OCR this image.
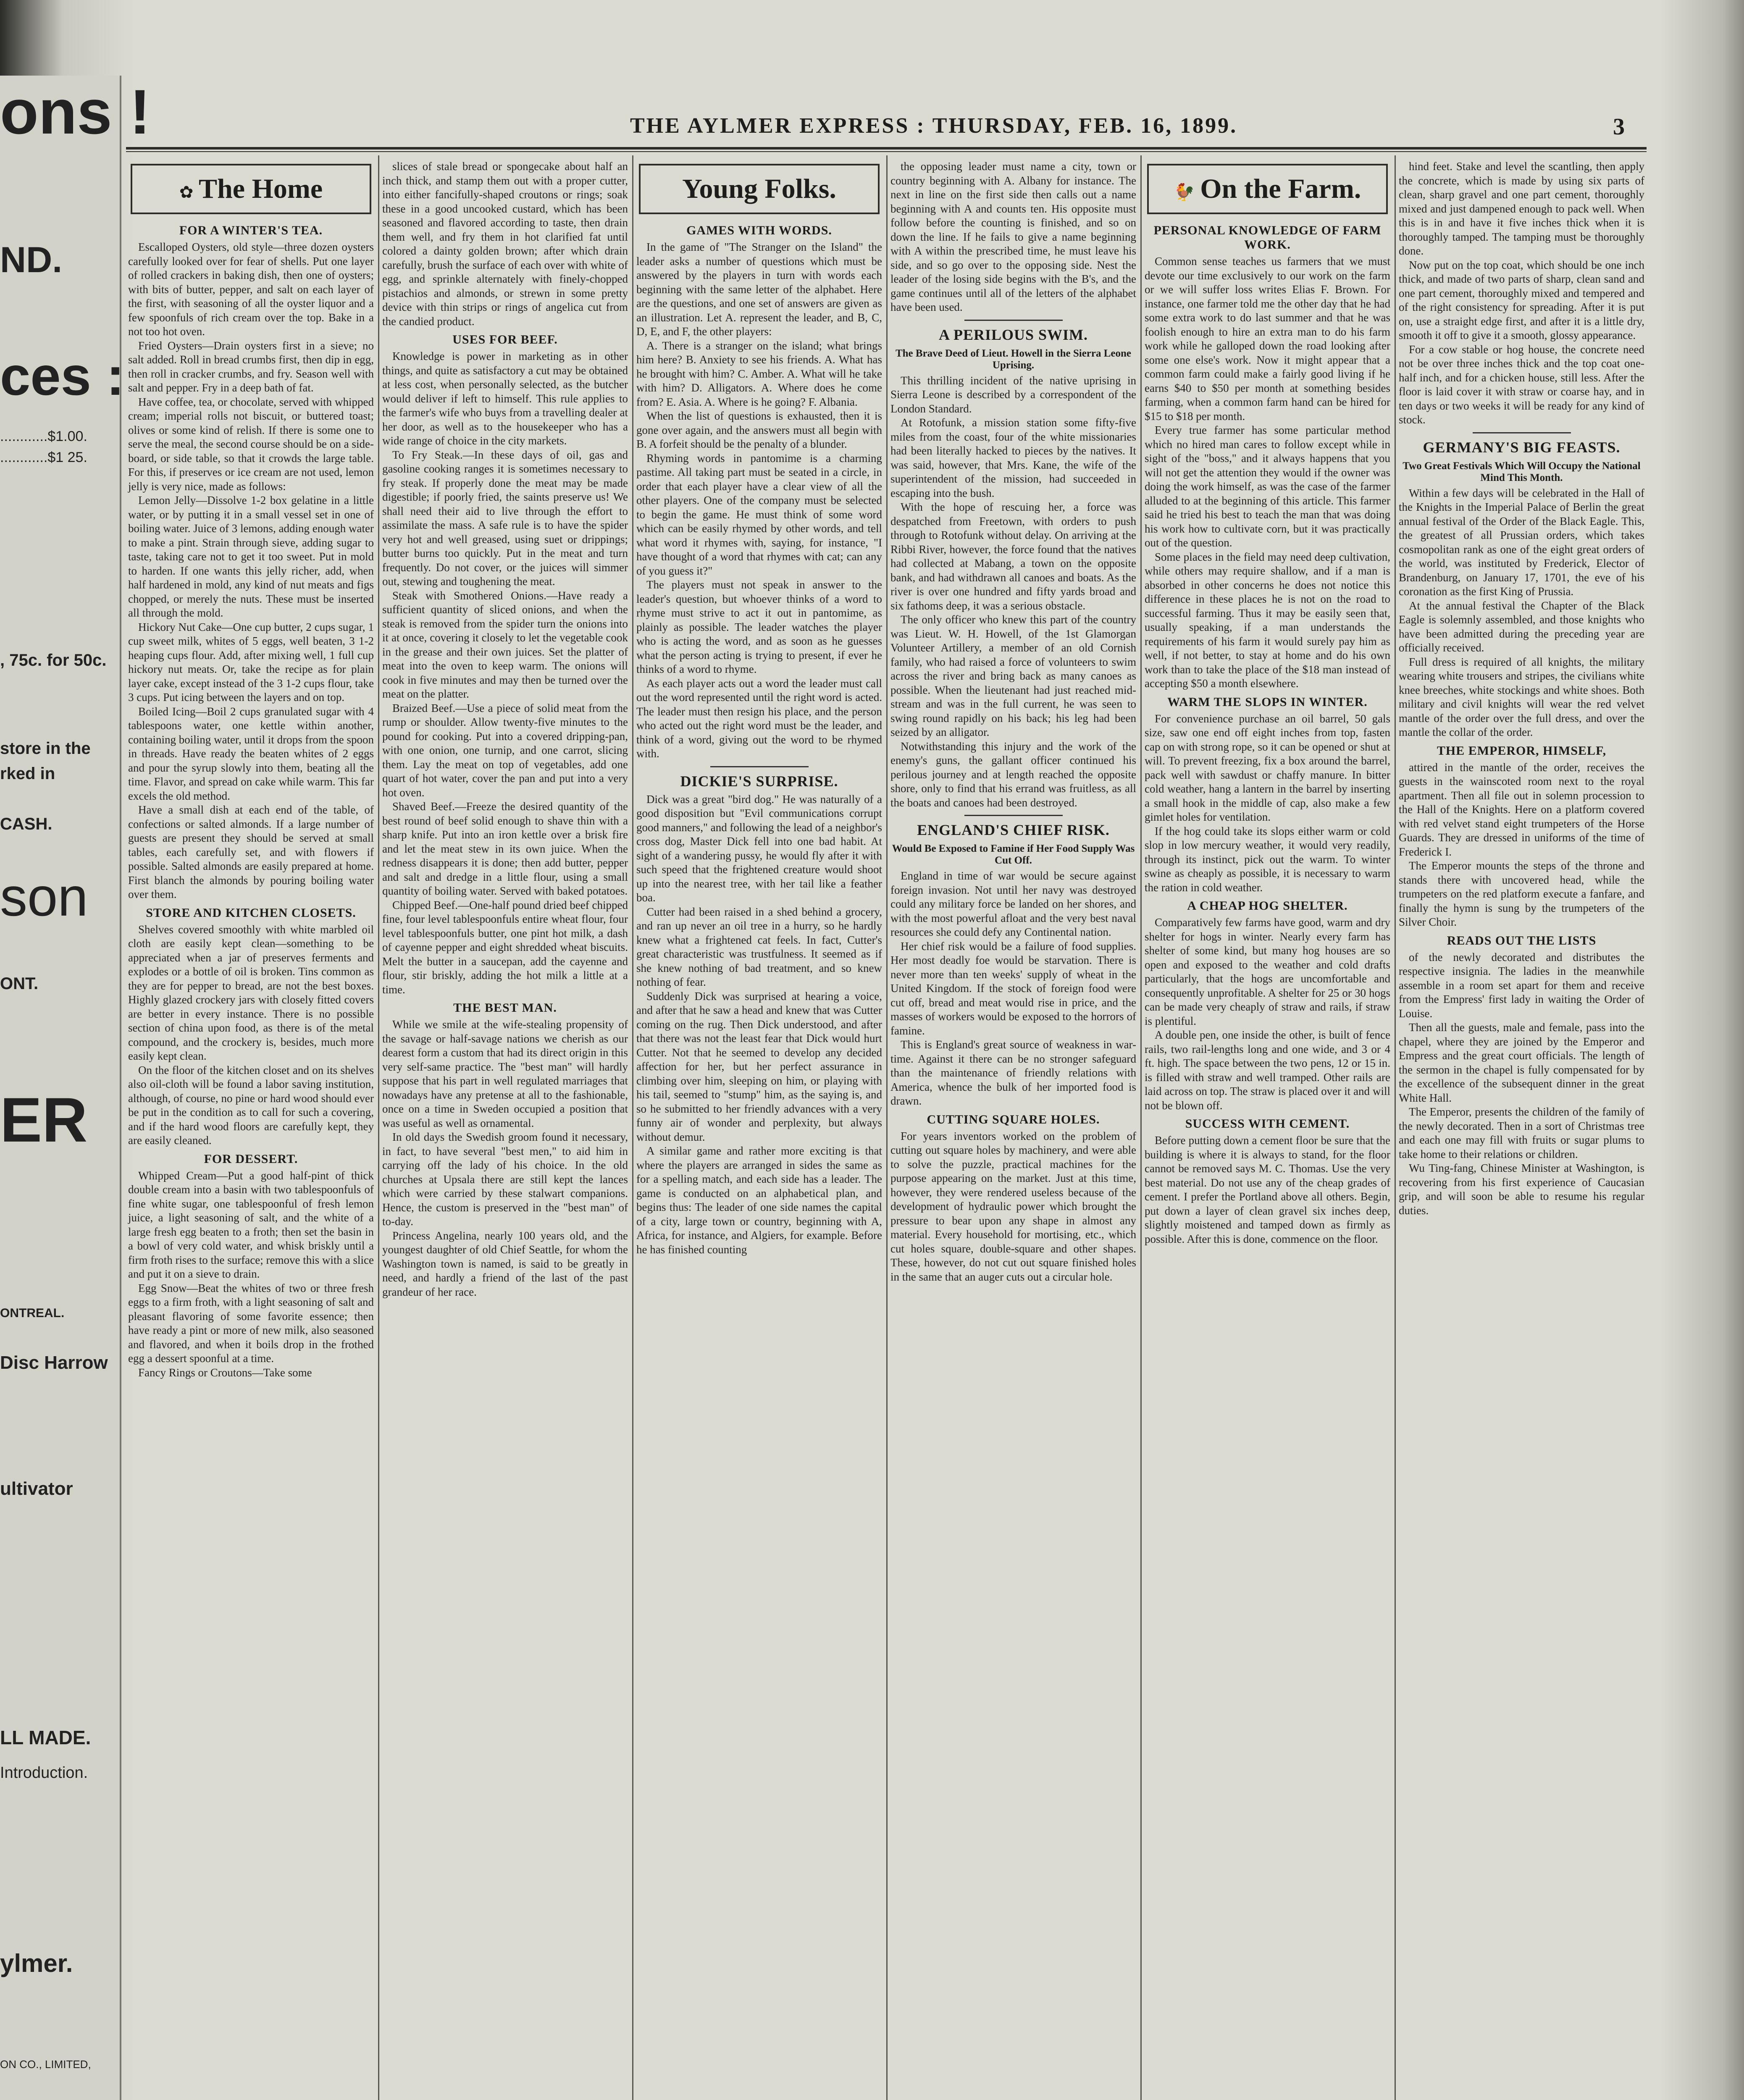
ons !
ND.
ces :
............$1.00.
............$1 25.
, 75c. for 50c.
store in the
rked in
CASH.
son
ONT.
ER
ONTREAL.
Disc Harrow
ultivator
LL MADE.
Introduction.
ylmer.
ON CO., LIMITED,
THE AYLMER EXPRESS : THURSDAY, FEB. 16, 1899.	3
✿ The Home
FOR A WINTER'S TEA.

Escalloped Oysters, old style—three dozen oysters carefully looked over for fear of shells. Put one layer of rolled crackers in baking dish, then one of oysters; with bits of butter, pepper, and salt on each layer of the first, with seasoning of all the oyster liquor and a few spoonfuls of rich cream over the top. Bake in a not too hot oven.

Fried Oysters—Drain oysters first in a sieve; no salt added. Roll in bread crumbs first, then dip in egg, then roll in cracker crumbs, and fry. Season well with salt and pepper. Fry in a deep bath of fat.

Have coffee, tea, or chocolate, served with whipped cream; imperial rolls not biscuit, or buttered toast; olives or some kind of relish. If there is some one to serve the meal, the second course should be on a side-board, or side table, so that it crowds the large table. For this, if preserves or ice cream are not used, lemon jelly is very nice, made as follows:

Lemon Jelly—Dissolve 1-2 box gelatine in a little water, or by putting it in a small vessel set in one of boiling water. Juice of 3 lemons, adding enough water to make a pint. Strain through sieve, adding sugar to taste, taking care not to get it too sweet. Put in mold to harden. If one wants this jelly richer, add, when half hardened in mold, any kind of nut meats and figs chopped, or merely the nuts. These must be inserted all through the mold.

Hickory Nut Cake—One cup butter, 2 cups sugar, 1 cup sweet milk, whites of 5 eggs, well beaten, 3 1-2 heaping cups flour. Add, after mixing well, 1 full cup hickory nut meats. Or, take the recipe as for plain layer cake, except instead of the 3 1-2 cups flour, take 3 cups. Put icing between the layers and on top.

Boiled Icing—Boil 2 cups granulated sugar with 4 tablespoons water, one kettle within another, containing boiling water, until it drops from the spoon in threads. Have ready the beaten whites of 2 eggs and pour the syrup slowly into them, beating all the time. Flavor, and spread on cake while warm. This far excels the old method.

Have a small dish at each end of the table, of confections or salted almonds. If a large number of guests are present they should be served at small tables, each carefully set, and with flowers if possible. Salted almonds are easily prepared at home. First blanch the almonds by pouring boiling water over them.

STORE AND KITCHEN CLOSETS.

Shelves covered smoothly with white marbled oil cloth are easily kept clean—something to be appreciated when a jar of preserves ferments and explodes or a bottle of oil is broken. Tins common as they are for pepper to bread, are not the best boxes. Highly glazed crockery jars with closely fitted covers are better in every instance. There is no possible section of china upon food, as there is of the metal compound, and the crockery is, besides, much more easily kept clean.

On the floor of the kitchen closet and on its shelves also oil-cloth will be found a labor saving institution, although, of course, no pine or hard wood should ever be put in the condition as to call for such a covering, and if the hard wood floors are carefully kept, they are easily cleaned.

FOR DESSERT.

Whipped Cream—Put a good half-pint of thick double cream into a basin with two tablespoonfuls of fine white sugar, one tablespoonful of fresh lemon juice, a light seasoning of salt, and the white of a large fresh egg beaten to a froth; then set the basin in a bowl of very cold water, and whisk briskly until a firm froth rises to the surface; remove this with a slice and put it on a sieve to drain.

Egg Snow—Beat the whites of two or three fresh eggs to a firm froth, with a light seasoning of salt and pleasant flavoring of some favorite essence; then have ready a pint or more of new milk, also seasoned and flavored, and when it boils drop in the frothed egg a dessert spoonful at a time.

Fancy Rings or Croutons—Take some

slices of stale bread or spongecake about half an inch thick, and stamp them out with a proper cutter, into either fancifully-shaped croutons or rings; soak these in a good uncooked custard, which has been seasoned and flavored according to taste, then drain them well, and fry them in hot clarified fat until colored a dainty golden brown; after which drain carefully, brush the surface of each over with white of egg, and sprinkle alternately with finely-chopped pistachios and almonds, or strewn in some pretty device with thin strips or rings of angelica cut from the candied product.

USES FOR BEEF.

Knowledge is power in marketing as in other things, and quite as satisfactory a cut may be obtained at less cost, when personally selected, as the butcher would deliver if left to himself. This rule applies to the farmer's wife who buys from a travelling dealer at her door, as well as to the housekeeper who has a wide range of choice in the city markets.

To Fry Steak.—In these days of oil, gas and gasoline cooking ranges it is sometimes necessary to fry steak. If properly done the meat may be made digestible; if poorly fried, the saints preserve us! We shall need their aid to live through the effort to assimilate the mass. A safe rule is to have the spider very hot and well greased, using suet or drippings; butter burns too quickly. Put in the meat and turn frequently. Do not cover, or the juices will simmer out, stewing and toughening the meat.

Steak with Smothered Onions.—Have ready a sufficient quantity of sliced onions, and when the steak is removed from the spider turn the onions into it at once, covering it closely to let the vegetable cook in the grease and their own juices. Set the platter of meat into the oven to keep warm. The onions will cook in five minutes and may then be turned over the meat on the platter.

Braized Beef.—Use a piece of solid meat from the rump or shoulder. Allow twenty-five minutes to the pound for cooking. Put into a covered dripping-pan, with one onion, one turnip, and one carrot, slicing them. Lay the meat on top of vegetables, add one quart of hot water, cover the pan and put into a very hot oven.

Shaved Beef.—Freeze the desired quantity of the best round of beef solid enough to shave thin with a sharp knife. Put into an iron kettle over a brisk fire and let the meat stew in its own juice. When the redness disappears it is done; then add butter, pepper and salt and dredge in a little flour, using a small quantity of boiling water. Served with baked potatoes.

Chipped Beef.—One-half pound dried beef chipped fine, four level tablespoonfuls entire wheat flour, four level tablespoonfuls butter, one pint hot milk, a dash of cayenne pepper and eight shredded wheat biscuits. Melt the butter in a saucepan, add the cayenne and flour, stir briskly, adding the hot milk a little at a time.

THE BEST MAN.

While we smile at the wife-stealing propensity of the savage or half-savage nations we cherish as our dearest form a custom that had its direct origin in this very self-same practice. The "best man" will hardly suppose that his part in well regulated marriages that nowadays have any pretense at all to the fashionable, once on a time in Sweden occupied a position that was useful as well as ornamental.

In old days the Swedish groom found it necessary, in fact, to have several "best men," to aid him in carrying off the lady of his choice. In the old churches at Upsala there are still kept the lances which were carried by these stalwart companions. Hence, the custom is preserved in the "best man" of to-day.

Princess Angelina, nearly 100 years old, and the youngest daughter of old Chief Seattle, for whom the Washington town is named, is said to be greatly in need, and hardly a friend of the last of the past grandeur of her race.

Young Folks.
GAMES WITH WORDS.

In the game of "The Stranger on the Island" the leader asks a number of questions which must be answered by the players in turn with words each beginning with the same letter of the alphabet. Here are the questions, and one set of answers are given as an illustration. Let A. represent the leader, and B, C, D, E, and F, the other players:

A. There is a stranger on the island; what brings him here? B. Anxiety to see his friends. A. What has he brought with him? C. Amber. A. What will he take with him? D. Alligators. A. Where does he come from? E. Asia. A. Where is he going? F. Albania.

When the list of questions is exhausted, then it is gone over again, and the answers must all begin with B. A forfeit should be the penalty of a blunder.

Rhyming words in pantomime is a charming pastime. All taking part must be seated in a circle, in order that each player have a clear view of all the other players. One of the company must be selected to begin the game. He must think of some word which can be easily rhymed by other words, and tell what word it rhymes with, saying, for instance, "I have thought of a word that rhymes with cat; can any of you guess it?"

The players must not speak in answer to the leader's question, but whoever thinks of a word to rhyme must strive to act it out in pantomime, as plainly as possible. The leader watches the player who is acting the word, and as soon as he guesses what the person acting is trying to present, if ever he thinks of a word to rhyme.

As each player acts out a word the leader must call out the word represented until the right word is acted. The leader must then resign his place, and the person who acted out the right word must be the leader, and think of a word, giving out the word to be rhymed with.

DICKIE'S SURPRISE.

Dick was a great "bird dog." He was naturally of a good disposition but "Evil communications corrupt good manners," and following the lead of a neighbor's cross dog, Master Dick fell into one bad habit. At sight of a wandering pussy, he would fly after it with such speed that the frightened creature would shoot up into the nearest tree, with her tail like a feather boa.

Cutter had been raised in a shed behind a grocery, and ran up never an oil tree in a hurry, so he hardly knew what a frightened cat feels. In fact, Cutter's great characteristic was trustfulness. It seemed as if she knew nothing of bad treatment, and so knew nothing of fear.

Suddenly Dick was surprised at hearing a voice, and after that he saw a head and knew that was Cutter coming on the rug. Then Dick understood, and after that there was not the least fear that Dick would hurt Cutter. Not that he seemed to develop any decided affection for her, but her perfect assurance in climbing over him, sleeping on him, or playing with his tail, seemed to "stump" him, as the saying is, and so he submitted to her friendly advances with a very funny air of wonder and perplexity, but always without demur.

A similar game and rather more exciting is that where the players are arranged in sides the same as for a spelling match, and each side has a leader. The game is conducted on an alphabetical plan, and begins thus: The leader of one side names the capital of a city, large town or country, beginning with A, Africa, for instance, and Algiers, for example. Before he has finished counting

the opposing leader must name a city, town or country beginning with A. Albany for instance. The next in line on the first side then calls out a name beginning with A and counts ten. His opposite must follow before the counting is finished, and so on down the line. If he fails to give a name beginning with A within the prescribed time, he must leave his side, and so go over to the opposing side. Nest the leader of the losing side begins with the B's, and the game continues until all of the letters of the alphabet have been used.

A PERILOUS SWIM.
The Brave Deed of Lieut. Howell in the Sierra Leone Uprising.

This thrilling incident of the native uprising in Sierra Leone is described by a correspondent of the London Standard.

At Rotofunk, a mission station some fifty-five miles from the coast, four of the white missionaries had been literally hacked to pieces by the natives. It was said, however, that Mrs. Kane, the wife of the superintendent of the mission, had succeeded in escaping into the bush.

With the hope of rescuing her, a force was despatched from Freetown, with orders to push through to Rotofunk without delay. On arriving at the Ribbi River, however, the force found that the natives had collected at Mabang, a town on the opposite bank, and had withdrawn all canoes and boats. As the river is over one hundred and fifty yards broad and six fathoms deep, it was a serious obstacle.

The only officer who knew this part of the country was Lieut. W. H. Howell, of the 1st Glamorgan Volunteer Artillery, a member of an old Cornish family, who had raised a force of volunteers to swim across the river and bring back as many canoes as possible. When the lieutenant had just reached mid-stream and was in the full current, he was seen to swing round rapidly on his back; his leg had been seized by an alligator.

Notwithstanding this injury and the work of the enemy's guns, the gallant officer continued his perilous journey and at length reached the opposite shore, only to find that his errand was fruitless, as all the boats and canoes had been destroyed.

ENGLAND'S CHIEF RISK.
Would Be Exposed to Famine if Her Food Supply Was Cut Off.

England in time of war would be secure against foreign invasion. Not until her navy was destroyed could any military force be landed on her shores, and with the most powerful afloat and the very best naval resources she could defy any Continental nation.

Her chief risk would be a failure of food supplies. Her most deadly foe would be starvation. There is never more than ten weeks' supply of wheat in the United Kingdom. If the stock of foreign food were cut off, bread and meat would rise in price, and the masses of workers would be exposed to the horrors of famine.

This is England's great source of weakness in war-time. Against it there can be no stronger safeguard than the maintenance of friendly relations with America, whence the bulk of her imported food is drawn.

CUTTING SQUARE HOLES.

For years inventors worked on the problem of cutting out square holes by machinery, and were able to solve the puzzle, practical machines for the purpose appearing on the market. Just at this time, however, they were rendered useless because of the development of hydraulic power which brought the pressure to bear upon any shape in almost any material. Every household for mortising, etc., which cut holes square, double-square and other shapes. These, however, do not cut out square finished holes in the same that an auger cuts out a circular hole.

🐓 On the Farm.
PERSONAL KNOWLEDGE OF FARM WORK.

Common sense teaches us farmers that we must devote our time exclusively to our work on the farm or we will suffer loss writes Elias F. Brown. For instance, one farmer told me the other day that he had some extra work to do last summer and that he was foolish enough to hire an extra man to do his farm work while he galloped down the road looking after some one else's work. Now it might appear that a common farm could make a fairly good living if he earns $40 to $50 per month at something besides farming, when a common farm hand can be hired for $15 to $18 per month.

Every true farmer has some particular method which no hired man cares to follow except while in sight of the "boss," and it always happens that you will not get the attention they would if the owner was doing the work himself, as was the case of the farmer alluded to at the beginning of this article. This farmer said he tried his best to teach the man that was doing his work how to cultivate corn, but it was practically out of the question.

Some places in the field may need deep cultivation, while others may require shallow, and if a man is absorbed in other concerns he does not notice this difference in these places he is not on the road to successful farming. Thus it may be easily seen that, usually speaking, if a man understands the requirements of his farm it would surely pay him as well, if not better, to stay at home and do his own work than to take the place of the $18 man instead of accepting $50 a month elsewhere.

WARM THE SLOPS IN WINTER.

For convenience purchase an oil barrel, 50 gals size, saw one end off eight inches from top, fasten cap on with strong rope, so it can be opened or shut at will. To prevent freezing, fix a box around the barrel, pack well with sawdust or chaffy manure. In bitter cold weather, hang a lantern in the barrel by inserting a small hook in the middle of cap, also make a few gimlet holes for ventilation.

If the hog could take its slops either warm or cold slop in low mercury weather, it would very readily, through its instinct, pick out the warm. To winter swine as cheaply as possible, it is necessary to warm the ration in cold weather.

A CHEAP HOG SHELTER.

Comparatively few farms have good, warm and dry shelter for hogs in winter. Nearly every farm has shelter of some kind, but many hog houses are so open and exposed to the weather and cold drafts particularly, that the hogs are uncomfortable and consequently unprofitable. A shelter for 25 or 30 hogs can be made very cheaply of straw and rails, if straw is plentiful.

A double pen, one inside the other, is built of fence rails, two rail-lengths long and one wide, and 3 or 4 ft. high. The space between the two pens, 12 or 15 in. is filled with straw and well tramped. Other rails are laid across on top. The straw is placed over it and will not be blown off.

SUCCESS WITH CEMENT.

Before putting down a cement floor be sure that the building is where it is always to stand, for the floor cannot be removed says M. C. Thomas. Use the very best material. Do not use any of the cheap grades of cement. I prefer the Portland above all others. Begin, put down a layer of clean gravel six inches deep, slightly moistened and tamped down as firmly as possible. After this is done, commence on the floor.

hind feet. Stake and level the scantling, then apply the concrete, which is made by using six parts of clean, sharp gravel and one part cement, thoroughly mixed and just dampened enough to pack well. When this is in and have it five inches thick when it is thoroughly tamped. The tamping must be thoroughly done.

Now put on the top coat, which should be one inch thick, and made of two parts of sharp, clean sand and one part cement, thoroughly mixed and tempered and of the right consistency for spreading. After it is put on, use a straight edge first, and after it is a little dry, smooth it off to give it a smooth, glossy appearance.

For a cow stable or hog house, the concrete need not be over three inches thick and the top coat one-half inch, and for a chicken house, still less. After the floor is laid cover it with straw or coarse hay, and in ten days or two weeks it will be ready for any kind of stock.

GERMANY'S BIG FEASTS.
Two Great Festivals Which Will Occupy the National Mind This Month.

Within a few days will be celebrated in the Hall of the Knights in the Imperial Palace of Berlin the great annual festival of the Order of the Black Eagle. This, the greatest of all Prussian orders, which takes cosmopolitan rank as one of the eight great orders of the world, was instituted by Frederick, Elector of Brandenburg, on January 17, 1701, the eve of his coronation as the first King of Prussia.

At the annual festival the Chapter of the Black Eagle is solemnly assembled, and those knights who have been admitted during the preceding year are officially received.

Full dress is required of all knights, the military wearing white trousers and stripes, the civilians white knee breeches, white stockings and white shoes. Both military and civil knights will wear the red velvet mantle of the order over the full dress, and over the mantle the collar of the order.

THE EMPEROR, HIMSELF,

attired in the mantle of the order, receives the guests in the wainscoted room next to the royal apartment. Then all file out in solemn procession to the Hall of the Knights. Here on a platform covered with red velvet stand eight trumpeters of the Horse Guards. They are dressed in uniforms of the time of Frederick I.

The Emperor mounts the steps of the throne and stands there with uncovered head, while the trumpeters on the red platform execute a fanfare, and finally the hymn is sung by the trumpeters of the Silver Choir.

READS OUT THE LISTS

of the newly decorated and distributes the respective insignia. The ladies in the meanwhile assemble in a room set apart for them and receive from the Empress' first lady in waiting the Order of Louise.

Then all the guests, male and female, pass into the chapel, where they are joined by the Emperor and Empress and the great court officials. The length of the sermon in the chapel is fully compensated for by the excellence of the subsequent dinner in the great White Hall.

The Emperor, presents the children of the family of the newly decorated. Then in a sort of Christmas tree and each one may fill with fruits or sugar plums to take home to their relations or children.

Wu Ting-fang, Chinese Minister at Washington, is recovering from his first experience of Caucasian grip, and will soon be able to resume his regular duties.
